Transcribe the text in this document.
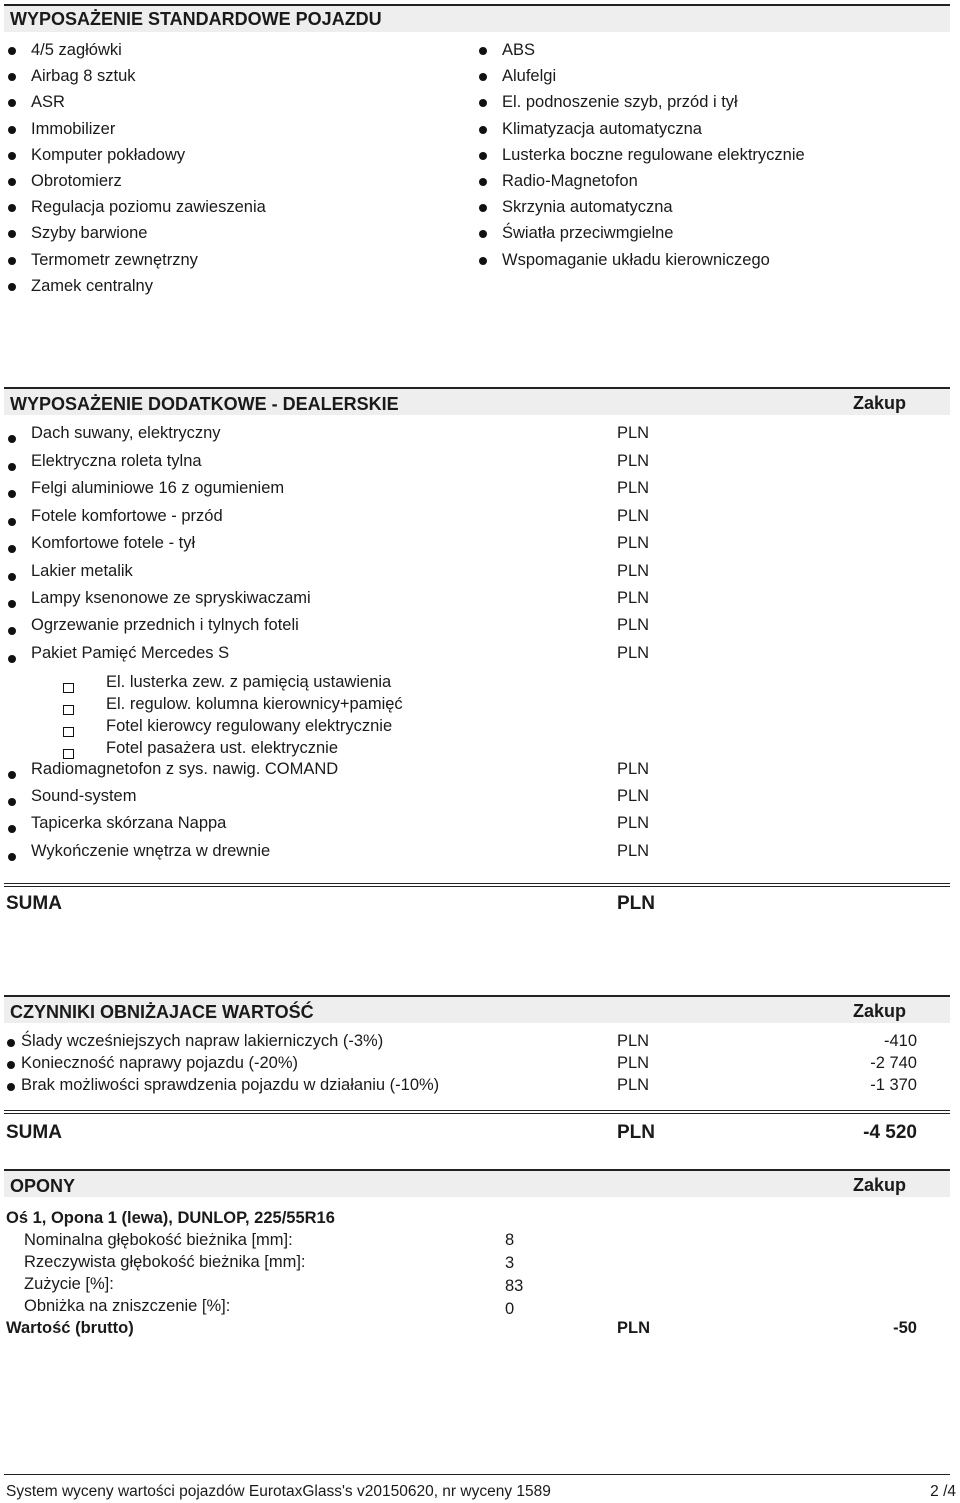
WYPOSAŻENIE STANDARDOWE POJAZDU
4/5 zagłówki
Airbag 8 sztuk
ASR
Immobilizer
Komputer pokładowy
Obrotomierz
Regulacja poziomu zawieszenia
Szyby barwione
Termometr zewnętrzny
Zamek centralny
ABS
Alufelgi
El. podnoszenie szyb, przód i tył
Klimatyzacja automatyczna
Lusterka boczne regulowane elektrycznie
Radio-Magnetofon
Skrzynia automatyczna
Światła przeciwmgielne
Wspomaganie układu kierowniczego
WYPOSAŻENIE DODATKOWE - DEALERSKIE	Zakup
Dach suwany, elektryczny	PLN
Elektryczna roleta tylna	PLN
Felgi aluminiowe 16 z ogumieniem	PLN
Fotele komfortowe - przód	PLN
Komfortowe fotele - tył	PLN
Lakier metalik	PLN
Lampy ksenonowe ze spryskiwaczami	PLN
Ogrzewanie przednich i tylnych foteli	PLN
Pakiet Pamięć Mercedes S	PLN
El. lusterka zew. z pamięcią ustawienia
El. regulow. kolumna kierownicy+pamięć
Fotel kierowcy regulowany elektrycznie
Fotel pasażera ust. elektrycznie
Radiomagnetofon z sys. nawig. COMAND	PLN
Sound-system	PLN
Tapicerka skórzana Nappa	PLN
Wykończenie wnętrza w drewnie	PLN
SUMA	PLN
CZYNNIKI OBNIŻAJACE WARTOŚĆ	Zakup
Ślady wcześniejszych napraw lakierniczych (-3%)	PLN	-410
Konieczność naprawy pojazdu (-20%)	PLN	-2 740
Brak możliwości sprawdzenia pojazdu w działaniu (-10%)	PLN	-1 370
SUMA	PLN	-4 520
OPONY	Zakup
Oś 1, Opona 1 (lewa), DUNLOP, 225/55R16
Nominalna głębokość bieżnika [mm]:	8
Rzeczywista głębokość bieżnika [mm]:	3
Zużycie [%]:	83
Obniżka na zniszczenie [%]:	0
Wartość (brutto)	PLN	-50
System wyceny wartości pojazdów EurotaxGlass's v20150620, nr wyceny 1589	2 /4
